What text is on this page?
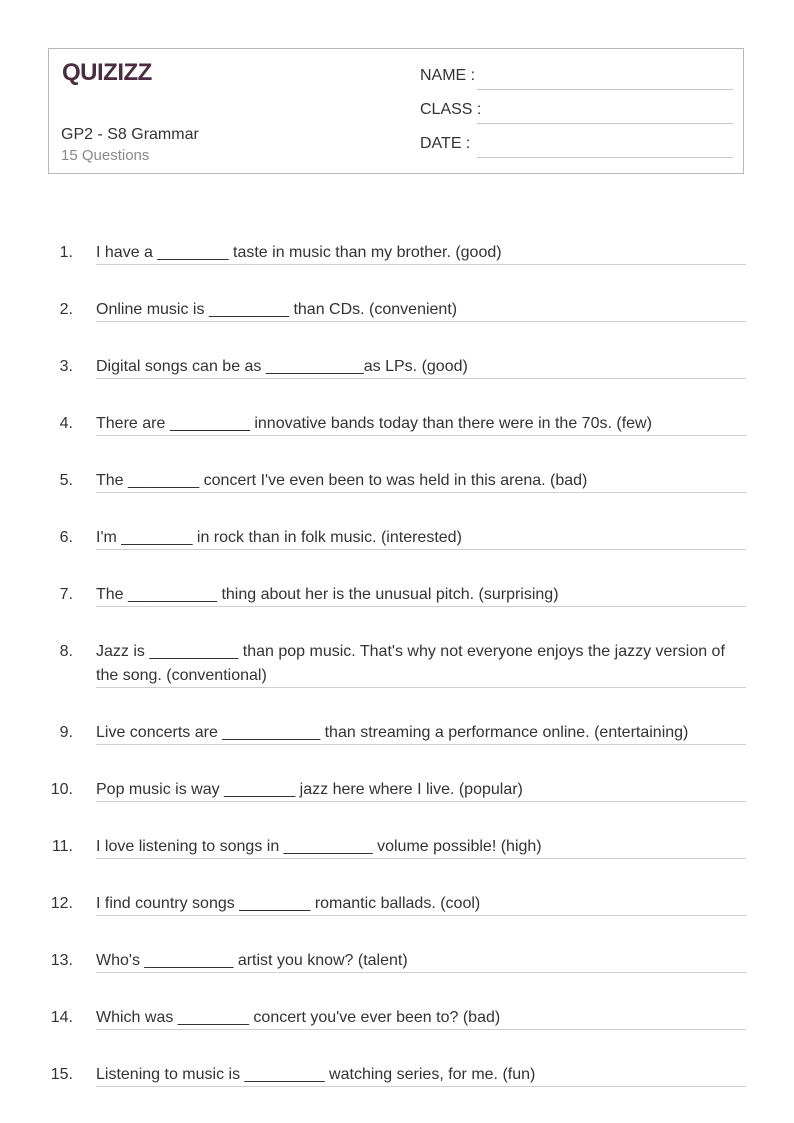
QUIZIZZ
GP2 - S8 Grammar
15 Questions
NAME :
CLASS :
DATE :
1. I have a ________ taste in music than my brother. (good)
2. Online music is _________ than CDs. (convenient)
3. Digital songs can be as ___________as LPs. (good)
4. There are _________ innovative bands today than there were in the 70s. (few)
5. The ________ concert I've even been to was held in this arena. (bad)
6. I'm ________ in rock than in folk music. (interested)
7. The __________ thing about her is the unusual pitch. (surprising)
8. Jazz is __________ than pop music. That's why not everyone enjoys the jazzy version of the song. (conventional)
9. Live concerts are ___________ than streaming a performance online. (entertaining)
10. Pop music is way ________ jazz here where I live. (popular)
11. I love listening to songs in __________ volume possible! (high)
12. I find country songs ________ romantic ballads. (cool)
13. Who's __________ artist you know? (talent)
14. Which was ________ concert you've ever been to? (bad)
15. Listening to music is _________ watching series, for me. (fun)
